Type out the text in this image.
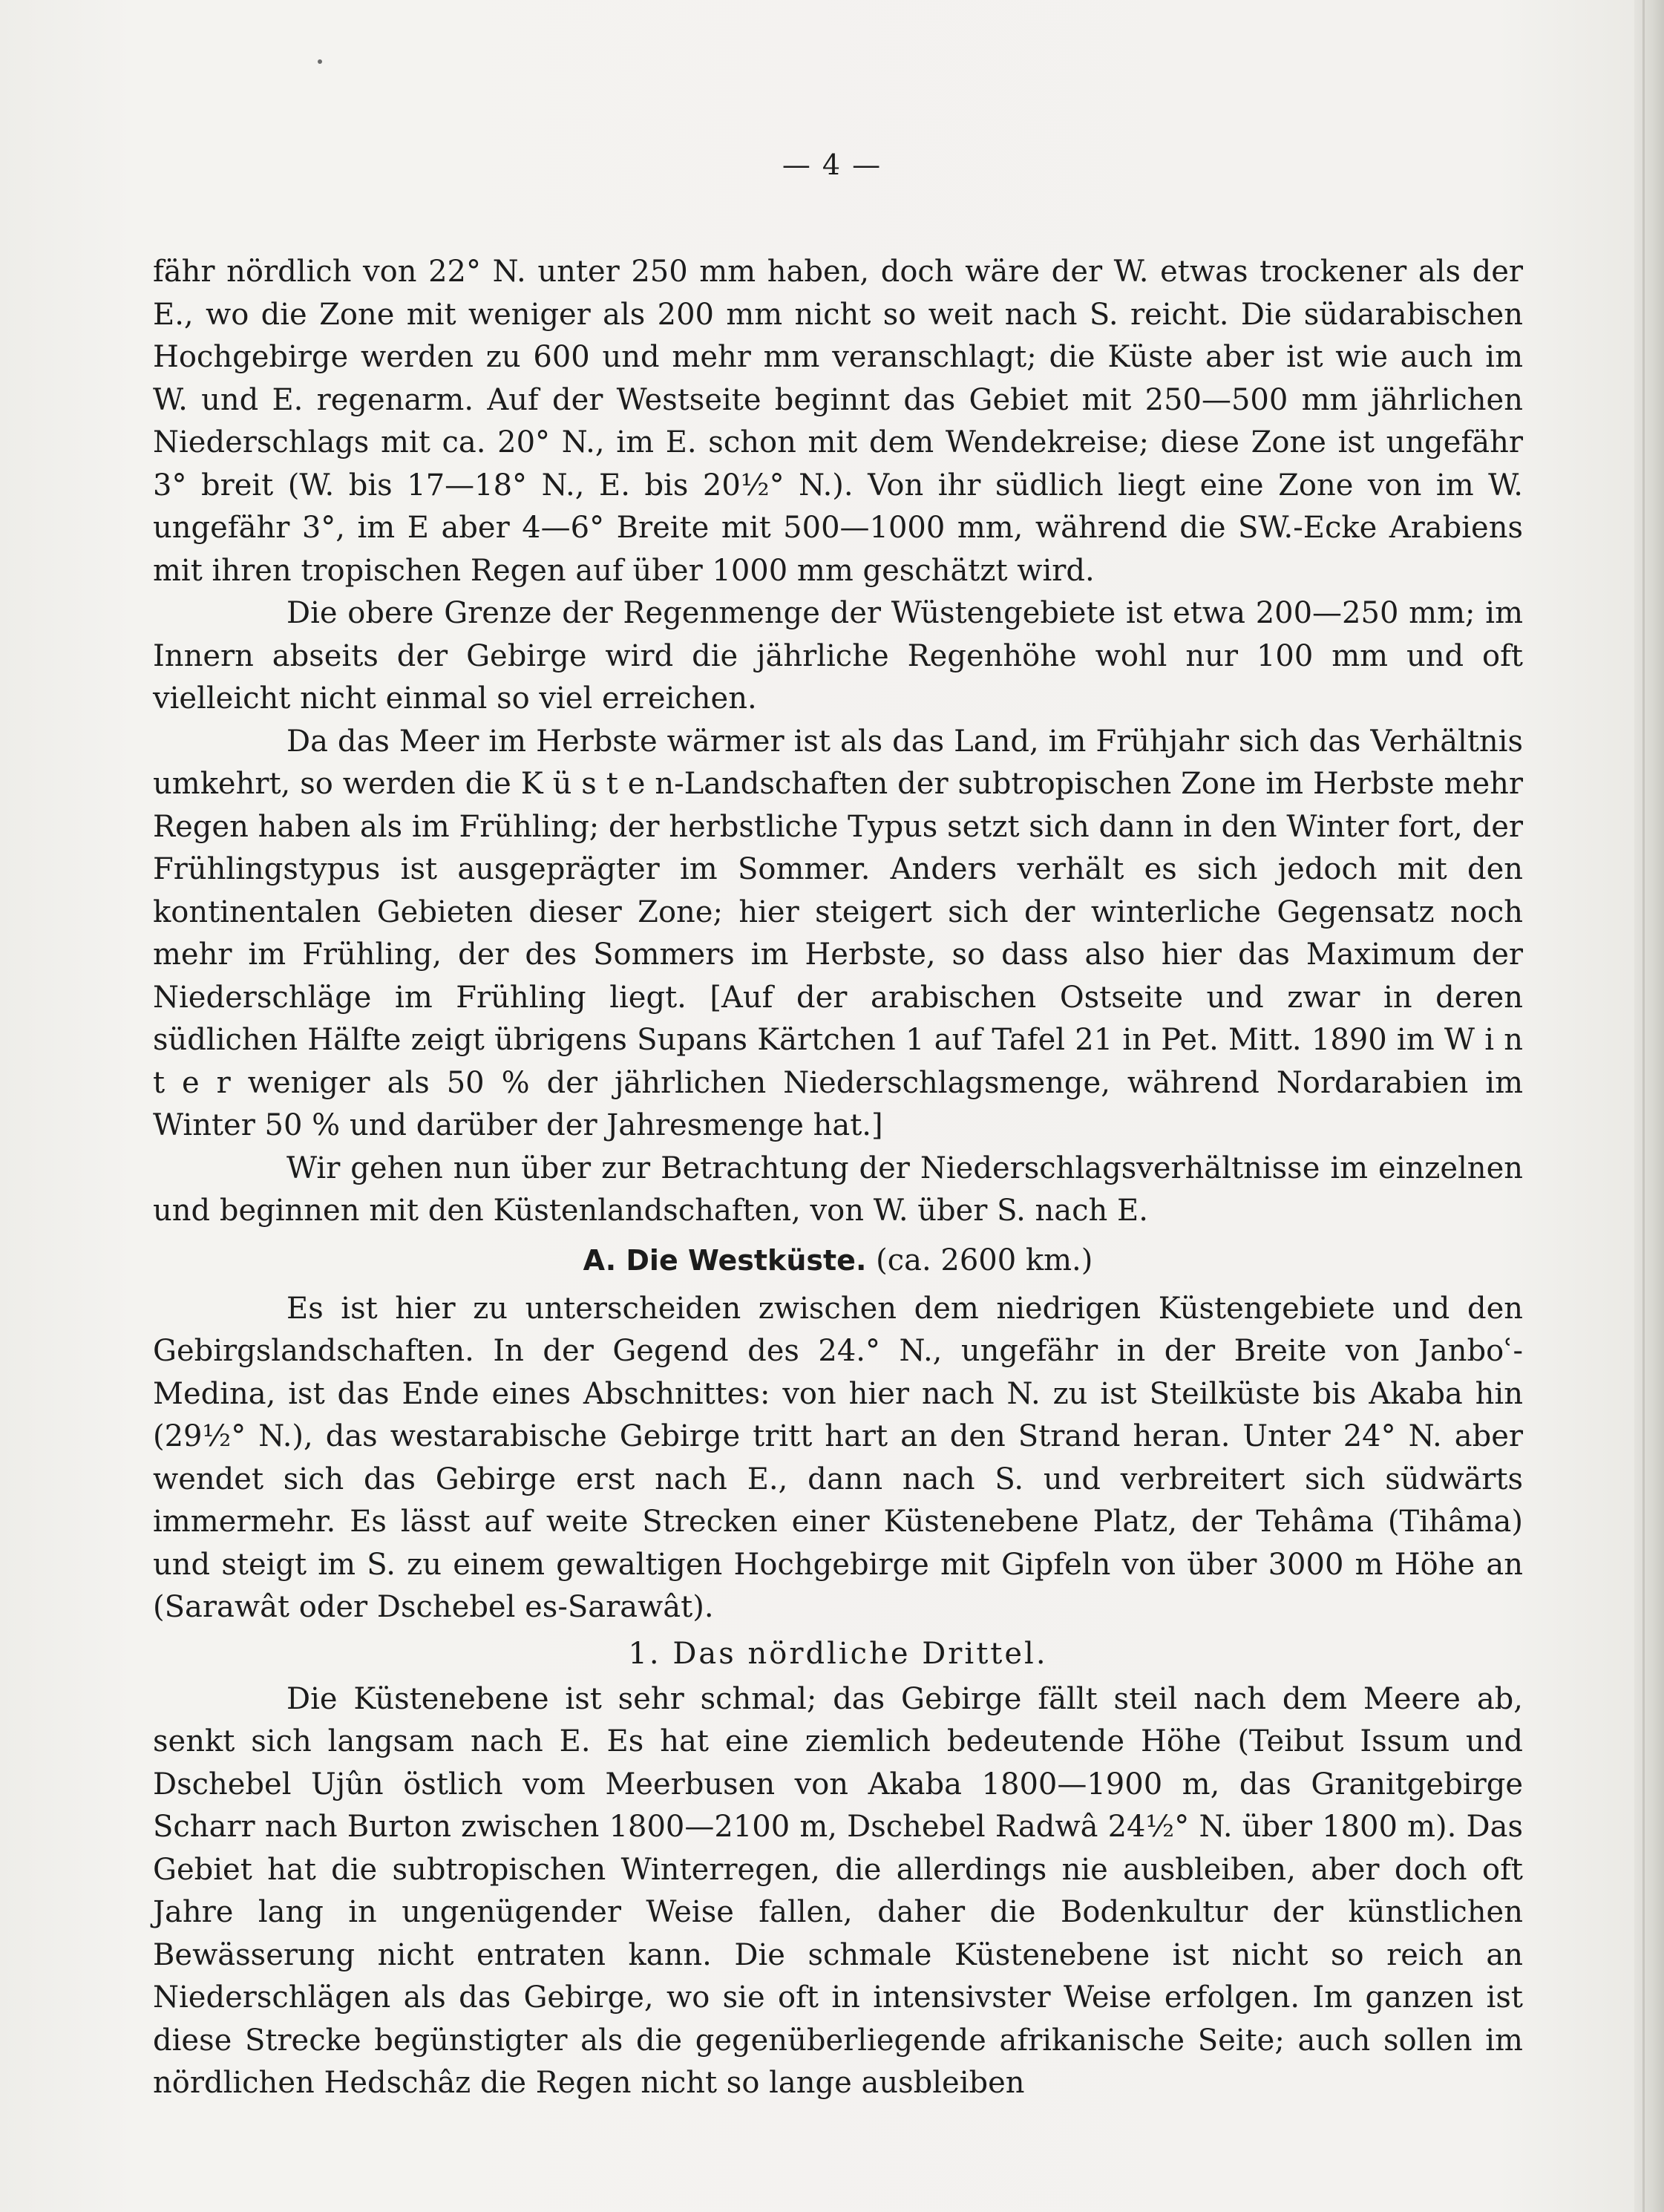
— 4 —

fähr nördlich von 22° N. unter 250 mm haben, doch wäre der W. etwas trockener als der E., wo die Zone mit weniger als 200 mm nicht so weit nach S. reicht. Die südarabischen Hochgebirge werden zu 600 und mehr mm veranschlagt; die Küste aber ist wie auch im W. und E. regenarm. Auf der Westseite beginnt das Gebiet mit 250—500 mm jährlichen Niederschlags mit ca. 20° N., im E. schon mit dem Wendekreise; diese Zone ist ungefähr 3° breit (W. bis 17—18° N., E. bis 20½° N.). Von ihr südlich liegt eine Zone von im W. ungefähr 3°, im E aber 4—6° Breite mit 500—1000 mm, während die SW.-Ecke Arabiens mit ihren tropischen Regen auf über 1000 mm geschätzt wird.

Die obere Grenze der Regenmenge der Wüstengebiete ist etwa 200—250 mm; im Innern abseits der Gebirge wird die jährliche Regenhöhe wohl nur 100 mm und oft vielleicht nicht einmal so viel erreichen.

Da das Meer im Herbste wärmer ist als das Land, im Frühjahr sich das Verhältnis umkehrt, so werden die K ü s t e n-Landschaften der subtropischen Zone im Herbste mehr Regen haben als im Frühling; der herbstliche Typus setzt sich dann in den Winter fort, der Frühlingstypus ist ausgeprägter im Sommer. Anders verhält es sich jedoch mit den kontinentalen Gebieten dieser Zone; hier steigert sich der winterliche Gegensatz noch mehr im Frühling, der des Sommers im Herbste, so dass also hier das Maximum der Niederschläge im Frühling liegt. [Auf der arabischen Ostseite und zwar in deren südlichen Hälfte zeigt übrigens Supans Kärtchen 1 auf Tafel 21 in Pet. Mitt. 1890 im W i n t e r weniger als 50 % der jährlichen Niederschlagsmenge, während Nordarabien im Winter 50 % und darüber der Jahresmenge hat.]

Wir gehen nun über zur Betrachtung der Niederschlagsverhältnisse im einzelnen und beginnen mit den Küstenlandschaften, von W. über S. nach E.

A. Die Westküste. (ca. 2600 km.)

Es ist hier zu unterscheiden zwischen dem niedrigen Küstengebiete und den Gebirgslandschaften. In der Gegend des 24.° N., ungefähr in der Breite von Janboʿ-Medina, ist das Ende eines Abschnittes: von hier nach N. zu ist Steilküste bis Akaba hin (29½° N.), das westarabische Gebirge tritt hart an den Strand heran. Unter 24° N. aber wendet sich das Gebirge erst nach E., dann nach S. und verbreitert sich südwärts immermehr. Es lässt auf weite Strecken einer Küstenebene Platz, der Tehâma (Tihâma) und steigt im S. zu einem gewaltigen Hochgebirge mit Gipfeln von über 3000 m Höhe an (Sarawât oder Dschebel es-Sarawât).

1. Das nördliche Drittel.

Die Küstenebene ist sehr schmal; das Gebirge fällt steil nach dem Meere ab, senkt sich langsam nach E. Es hat eine ziemlich bedeutende Höhe (Teibut Issum und Dschebel Ujûn östlich vom Meerbusen von Akaba 1800—1900 m, das Granitgebirge Scharr nach Burton zwischen 1800—2100 m, Dschebel Radwâ 24½° N. über 1800 m). Das Gebiet hat die subtropischen Winterregen, die allerdings nie ausbleiben, aber doch oft Jahre lang in ungenügender Weise fallen, daher die Bodenkultur der künstlichen Bewässerung nicht entraten kann. Die schmale Küstenebene ist nicht so reich an Niederschlägen als das Gebirge, wo sie oft in intensivster Weise erfolgen. Im ganzen ist diese Strecke begünstigter als die gegenüberliegende afrikanische Seite; auch sollen im nördlichen Hedschâz die Regen nicht so lange ausbleiben
